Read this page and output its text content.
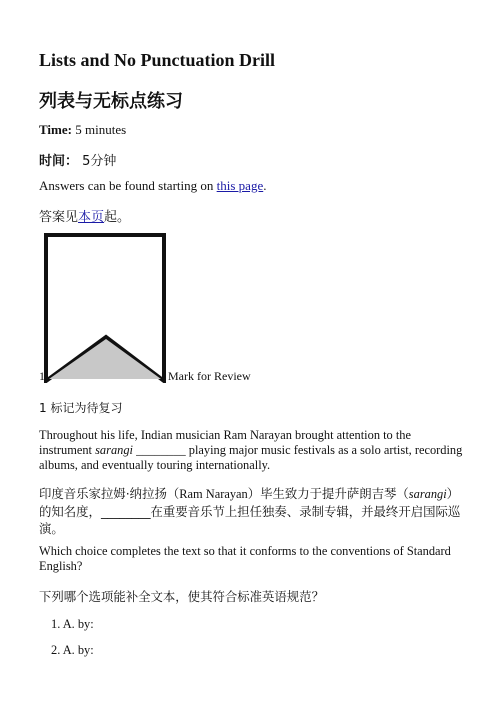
Lists and No Punctuation Drill
列表与无标点练习

Time: 5 minutes

时间： 5分钟

Answers can be found starting on this page.

答案见本页起。

1	Mark for Review

1 标记为待复习

Throughout his life, Indian musician Ram Narayan brought attention to the instrument sarangi ________ playing major music festivals as a solo artist, recording albums, and eventually touring internationally.

印度音乐家拉姆·纳拉扬（Ram Narayan）毕生致力于提升萨朗吉琴（sarangi）的知名度，________在重要音乐节上担任独奏、录制专辑，并最终开启国际巡演。

Which choice completes the text so that it conforms to the conventions of Standard English?

下列哪个选项能补全文本，使其符合标准英语规范？

1. A. by:

2. A. by:
